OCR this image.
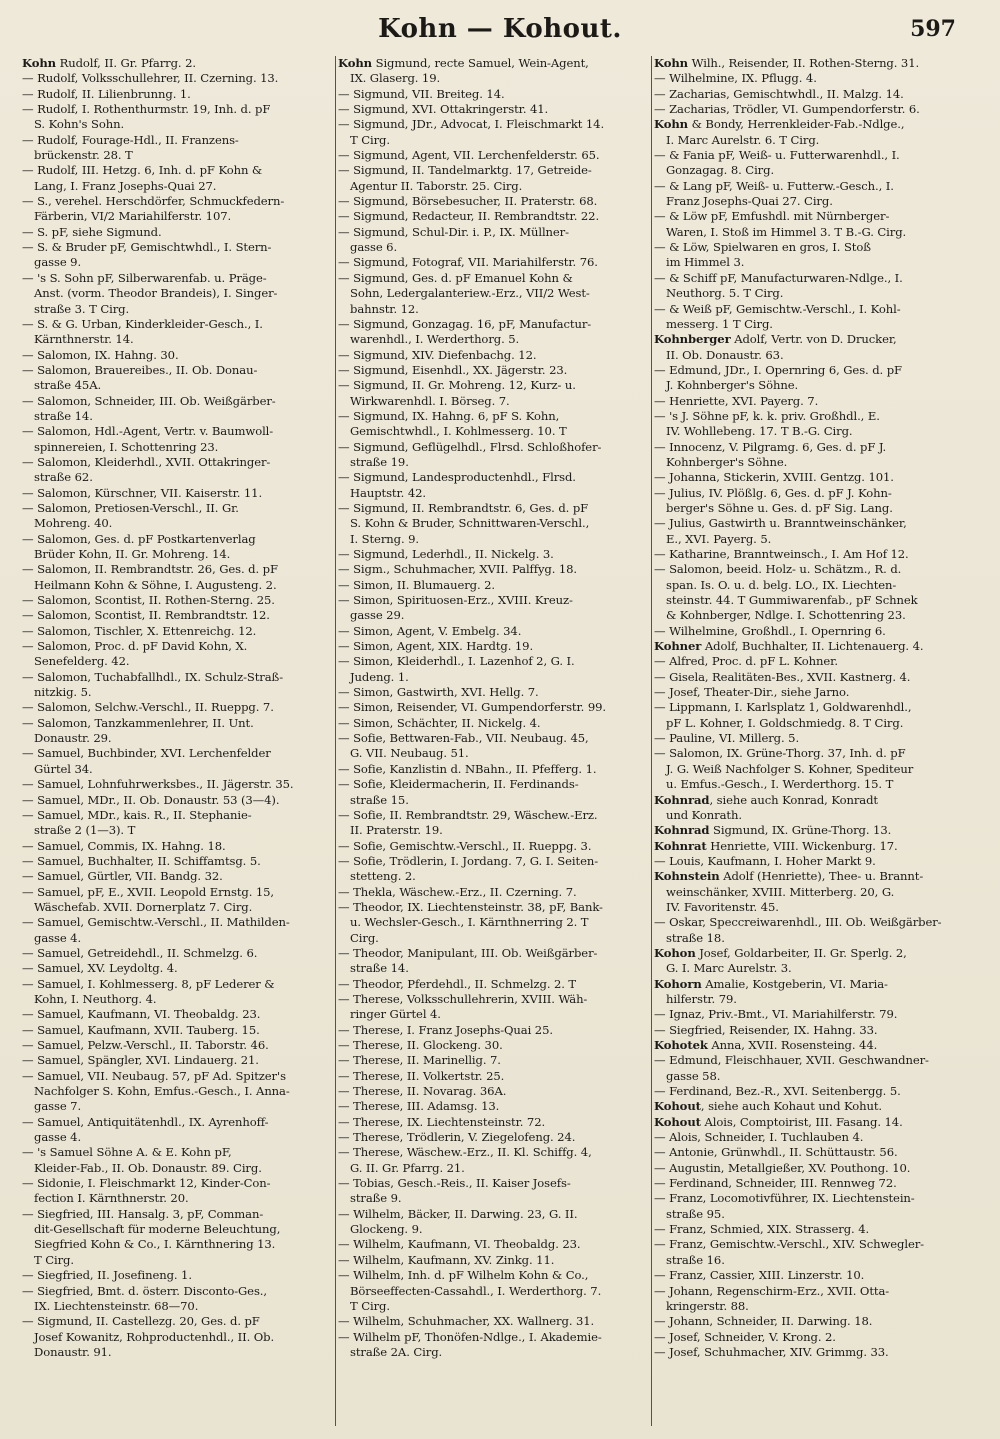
Kohn — Kohout.	597
Kohn Rudolf, II. Gr. Pfarrg. 2.
— Rudolf, Volksschullehrer, II. Czerning. 13.
— Rudolf, II. Lilienbrunng. 1.
— Rudolf, I. Rothenthurmstr. 19, Inh. d. pF
S. Kohn's Sohn.
— Rudolf, Fourage-Hdl., II. Franzens-
brückenstr. 28. T
— Rudolf, III. Hetzg. 6, Inh. d. pF Kohn &
Lang, I. Franz Josephs-Quai 27.
— S., verehel. Herschdörfer, Schmuckfedern-
Färberin, VI/2 Mariahilferstr. 107.
— S. pF, siehe Sigmund.
— S. & Bruder pF, Gemischtwhdl., I. Stern-
gasse 9.
— 's S. Sohn pF, Silberwarenfab. u. Präge-
Anst. (vorm. Theodor Brandeis), I. Singer-
straße 3. T Cirg.
— S. & G. Urban, Kinderkleider-Gesch., I.
Kärnthnerstr. 14.
— Salomon, IX. Hahng. 30.
— Salomon, Brauereibes., II. Ob. Donau-
straße 45A.
— Salomon, Schneider, III. Ob. Weißgärber-
straße 14.
— Salomon, Hdl.-Agent, Vertr. v. Baumwoll-
spinnereien, I. Schottenring 23.
— Salomon, Kleiderhdl., XVII. Ottakringer-
straße 62.
— Salomon, Kürschner, VII. Kaiserstr. 11.
— Salomon, Pretiosen-Verschl., II. Gr.
Mohreng. 40.
— Salomon, Ges. d. pF Postkartenverlag
Brüder Kohn, II. Gr. Mohreng. 14.
— Salomon, II. Rembrandtstr. 26, Ges. d. pF
Heilmann Kohn & Söhne, I. Augusteng. 2.
— Salomon, Scontist, II. Rothen-Sterng. 25.
— Salomon, Scontist, II. Rembrandtstr. 12.
— Salomon, Tischler, X. Ettenreichg. 12.
— Salomon, Proc. d. pF David Kohn, X.
Senefelderg. 42.
— Salomon, Tuchabfallhdl., IX. Schulz-Straß-
nitzkig. 5.
— Salomon, Selchw.-Verschl., II. Rueppg. 7.
— Salomon, Tanzkammenlehrer, II. Unt.
Donaustr. 29.
— Samuel, Buchbinder, XVI. Lerchenfelder
Gürtel 34.
— Samuel, Lohnfuhrwerksbes., II. Jägerstr. 35.
— Samuel, MDr., II. Ob. Donaustr. 53 (3—4).
— Samuel, MDr., kais. R., II. Stephanie-
straße 2 (1—3). T
— Samuel, Commis, IX. Hahng. 18.
— Samuel, Buchhalter, II. Schiffamtsg. 5.
— Samuel, Gürtler, VII. Bandg. 32.
— Samuel, pF, E., XVII. Leopold Ernstg. 15,
Wäschefab. XVII. Dornerplatz 7. Cirg.
— Samuel, Gemischtw.-Verschl., II. Mathilden-
gasse 4.
— Samuel, Getreidehdl., II. Schmelzg. 6.
— Samuel, XV. Leydoltg. 4.
— Samuel, I. Kohlmesserg. 8, pF Lederer &
Kohn, I. Neuthorg. 4.
— Samuel, Kaufmann, VI. Theobaldg. 23.
— Samuel, Kaufmann, XVII. Tauberg. 15.
— Samuel, Pelzw.-Verschl., II. Taborstr. 46.
— Samuel, Spängler, XVI. Lindauerg. 21.
— Samuel, VII. Neubaug. 57, pF Ad. Spitzer's
Nachfolger S. Kohn, Emfus.-Gesch., I. Anna-
gasse 7.
— Samuel, Antiquitätenhdl., IX. Ayrenhoff-
gasse 4.
— 's Samuel Söhne A. & E. Kohn pF,
Kleider-Fab., II. Ob. Donaustr. 89. Cirg.
— Sidonie, I. Fleischmarkt 12, Kinder-Con-
fection I. Kärnthnerstr. 20.
— Siegfried, III. Hansalg. 3, pF, Comman-
dit-Gesellschaft für moderne Beleuchtung,
Siegfried Kohn & Co., I. Kärnthnering 13.
T Cirg.
— Siegfried, II. Josefineng. 1.
— Siegfried, Bmt. d. österr. Disconto-Ges.,
IX. Liechtensteinstr. 68—70.
— Sigmund, II. Castellezg. 20, Ges. d. pF
Josef Kowanitz, Rohproductenhdl., II. Ob.
Donaustr. 91.
Kohn Sigmund, recte Samuel, Wein-Agent,
IX. Glaserg. 19.
— Sigmund, VII. Breiteg. 14.
— Sigmund, XVI. Ottakringerstr. 41.
— Sigmund, JDr., Advocat, I. Fleischmarkt 14.
T Cirg.
— Sigmund, Agent, VII. Lerchenfelderstr. 65.
— Sigmund, II. Tandelmarktg. 17, Getreide-
Agentur II. Taborstr. 25. Cirg.
— Sigmund, Börsebesucher, II. Praterstr. 68.
— Sigmund, Redacteur, II. Rembrandtstr. 22.
— Sigmund, Schul-Dir. i. P., IX. Müllner-
gasse 6.
— Sigmund, Fotograf, VII. Mariahilferstr. 76.
— Sigmund, Ges. d. pF Emanuel Kohn &
Sohn, Ledergalanteriew.-Erz., VII/2 West-
bahnstr. 12.
— Sigmund, Gonzagag. 16, pF, Manufactur-
warenhdl., I. Werderthorg. 5.
— Sigmund, XIV. Diefenbachg. 12.
— Sigmund, Eisenhdl., XX. Jägerstr. 23.
— Sigmund, II. Gr. Mohreng. 12, Kurz- u.
Wirkwarenhdl. I. Börseg. 7.
— Sigmund, IX. Hahng. 6, pF S. Kohn,
Gemischtwhdl., I. Kohlmesserg. 10. T
— Sigmund, Geflügelhdl., Flrsd. Schloßhofer-
straße 19.
— Sigmund, Landesproductenhdl., Flrsd.
Hauptstr. 42.
— Sigmund, II. Rembrandtstr. 6, Ges. d. pF
S. Kohn & Bruder, Schnittwaren-Verschl.,
I. Sterng. 9.
— Sigmund, Lederhdl., II. Nickelg. 3.
— Sigm., Schuhmacher, XVII. Palffyg. 18.
— Simon, II. Blumauerg. 2.
— Simon, Spirituosen-Erz., XVIII. Kreuz-
gasse 29.
— Simon, Agent, V. Embelg. 34.
— Simon, Agent, XIX. Hardtg. 19.
— Simon, Kleiderhdl., I. Lazenhof 2, G. I.
Judeng. 1.
— Simon, Gastwirth, XVI. Hellg. 7.
— Simon, Reisender, VI. Gumpendorferstr. 99.
— Simon, Schächter, II. Nickelg. 4.
— Sofie, Bettwaren-Fab., VII. Neubaug. 45,
G. VII. Neubaug. 51.
— Sofie, Kanzlistin d. NBahn., II. Pfefferg. 1.
— Sofie, Kleidermacherin, II. Ferdinands-
straße 15.
— Sofie, II. Rembrandtstr. 29, Wäschew.-Erz.
II. Praterstr. 19.
— Sofie, Gemischtw.-Verschl., II. Rueppg. 3.
— Sofie, Trödlerin, I. Jordang. 7, G. I. Seiten-
stetteng. 2.
— Thekla, Wäschew.-Erz., II. Czerning. 7.
— Theodor, IX. Liechtensteinstr. 38, pF, Bank-
u. Wechsler-Gesch., I. Kärnthnerring 2. T
Cirg.
— Theodor, Manipulant, III. Ob. Weißgärber-
straße 14.
— Theodor, Pferdehdl., II. Schmelzg. 2. T
— Therese, Volksschullehrerin, XVIII. Wäh-
ringer Gürtel 4.
— Therese, I. Franz Josephs-Quai 25.
— Therese, II. Glockeng. 30.
— Therese, II. Marinellig. 7.
— Therese, II. Volkertstr. 25.
— Therese, II. Novarag. 36A.
— Therese, III. Adamsg. 13.
— Therese, IX. Liechtensteinstr. 72.
— Therese, Trödlerin, V. Ziegelofeng. 24.
— Therese, Wäschew.-Erz., II. Kl. Schiffg. 4,
G. II. Gr. Pfarrg. 21.
— Tobias, Gesch.-Reis., II. Kaiser Josefs-
straße 9.
— Wilhelm, Bäcker, II. Darwing. 23, G. II.
Glockeng. 9.
— Wilhelm, Kaufmann, VI. Theobaldg. 23.
— Wilhelm, Kaufmann, XV. Zinkg. 11.
— Wilhelm, Inh. d. pF Wilhelm Kohn & Co.,
Börseeffecten-Cassahdl., I. Werderthorg. 7.
T Cirg.
— Wilhelm, Schuhmacher, XX. Wallnerg. 31.
— Wilhelm pF, Thonöfen-Ndlge., I. Akademie-
straße 2A. Cirg.
Kohn Wilh., Reisender, II. Rothen-Sterng. 31.
— Wilhelmine, IX. Pflugg. 4.
— Zacharias, Gemischtwhdl., II. Malzg. 14.
— Zacharias, Trödler, VI. Gumpendorferstr. 6.
Kohn & Bondy, Herrenkleider-Fab.-Ndlge.,
I. Marc Aurelstr. 6. T Cirg.
— & Fania pF, Weiß- u. Futterwarenhdl., I.
Gonzagag. 8. Cirg.
— & Lang pF, Weiß- u. Futterw.-Gesch., I.
Franz Josephs-Quai 27. Cirg.
— & Löw pF, Emfushdl. mit Nürnberger-
Waren, I. Stoß im Himmel 3. T B.-G. Cirg.
— & Löw, Spielwaren en gros, I. Stoß
im Himmel 3.
— & Schiff pF, Manufacturwaren-Ndlge., I.
Neuthorg. 5. T Cirg.
— & Weiß pF, Gemischtw.-Verschl., I. Kohl-
messerg. 1 T Cirg.
Kohnberger Adolf, Vertr. von D. Drucker,
II. Ob. Donaustr. 63.
— Edmund, JDr., I. Opernring 6, Ges. d. pF
J. Kohnberger's Söhne.
— Henriette, XVI. Payerg. 7.
— 's J. Söhne pF, k. k. priv. Großhdl., E.
IV. Wohllebeng. 17. T B.-G. Cirg.
— Innocenz, V. Pilgramg. 6, Ges. d. pF J.
Kohnberger's Söhne.
— Johanna, Stickerin, XVIII. Gentzg. 101.
— Julius, IV. Plößlg. 6, Ges. d. pF J. Kohn-
berger's Söhne u. Ges. d. pF Sig. Lang.
— Julius, Gastwirth u. Branntweinschänker,
E., XVI. Payerg. 5.
— Katharine, Branntweinsch., I. Am Hof 12.
— Salomon, beeid. Holz- u. Schätzm., R. d.
span. Is. O. u. d. belg. LO., IX. Liechten-
steinstr. 44. T Gummiwarenfab., pF Schnek
& Kohnberger, Ndlge. I. Schottenring 23.
— Wilhelmine, Großhdl., I. Opernring 6.
Kohner Adolf, Buchhalter, II. Lichtenauerg. 4.
— Alfred, Proc. d. pF L. Kohner.
— Gisela, Realitäten-Bes., XVII. Kastnerg. 4.
— Josef, Theater-Dir., siehe Jarno.
— Lippmann, I. Karlsplatz 1, Goldwarenhdl.,
pF L. Kohner, I. Goldschmiedg. 8. T Cirg.
— Pauline, VI. Millerg. 5.
— Salomon, IX. Grüne-Thorg. 37, Inh. d. pF
J. G. Weiß Nachfolger S. Kohner, Spediteur
u. Emfus.-Gesch., I. Werderthorg. 15. T
Kohnrad, siehe auch Konrad, Konradt
und Konrath.
Kohnrad Sigmund, IX. Grüne-Thorg. 13.
Kohnrat Henriette, VIII. Wickenburg. 17.
— Louis, Kaufmann, I. Hoher Markt 9.
Kohnstein Adolf (Henriette), Thee- u. Brannt-
weinschänker, XVIII. Mitterberg. 20, G.
IV. Favoritenstr. 45.
— Oskar, Speccreiwarenhdl., III. Ob. Weißgärber-
straße 18.
Kohon Josef, Goldarbeiter, II. Gr. Sperlg. 2,
G. I. Marc Aurelstr. 3.
Kohorn Amalie, Kostgeberin, VI. Maria-
hilferstr. 79.
— Ignaz, Priv.-Bmt., VI. Mariahilferstr. 79.
— Siegfried, Reisender, IX. Hahng. 33.
Kohotek Anna, XVII. Rosensteing. 44.
— Edmund, Fleischhauer, XVII. Geschwandner-
gasse 58.
— Ferdinand, Bez.-R., XVI. Seitenbergg. 5.
Kohout, siehe auch Kohaut und Kohut.
Kohout Alois, Comptoirist, III. Fasang. 14.
— Alois, Schneider, I. Tuchlauben 4.
— Antonie, Grünwhdl., II. Schüttaustr. 56.
— Augustin, Metallgießer, XV. Pouthong. 10.
— Ferdinand, Schneider, III. Rennweg 72.
— Franz, Locomotivführer, IX. Liechtenstein-
straße 95.
— Franz, Schmied, XIX. Strasserg. 4.
— Franz, Gemischtw.-Verschl., XIV. Schwegler-
straße 16.
— Franz, Cassier, XIII. Linzerstr. 10.
— Johann, Regenschirm-Erz., XVII. Otta-
kringerstr. 88.
— Johann, Schneider, II. Darwing. 18.
— Josef, Schneider, V. Krong. 2.
— Josef, Schuhmacher, XIV. Grimmg. 33.
